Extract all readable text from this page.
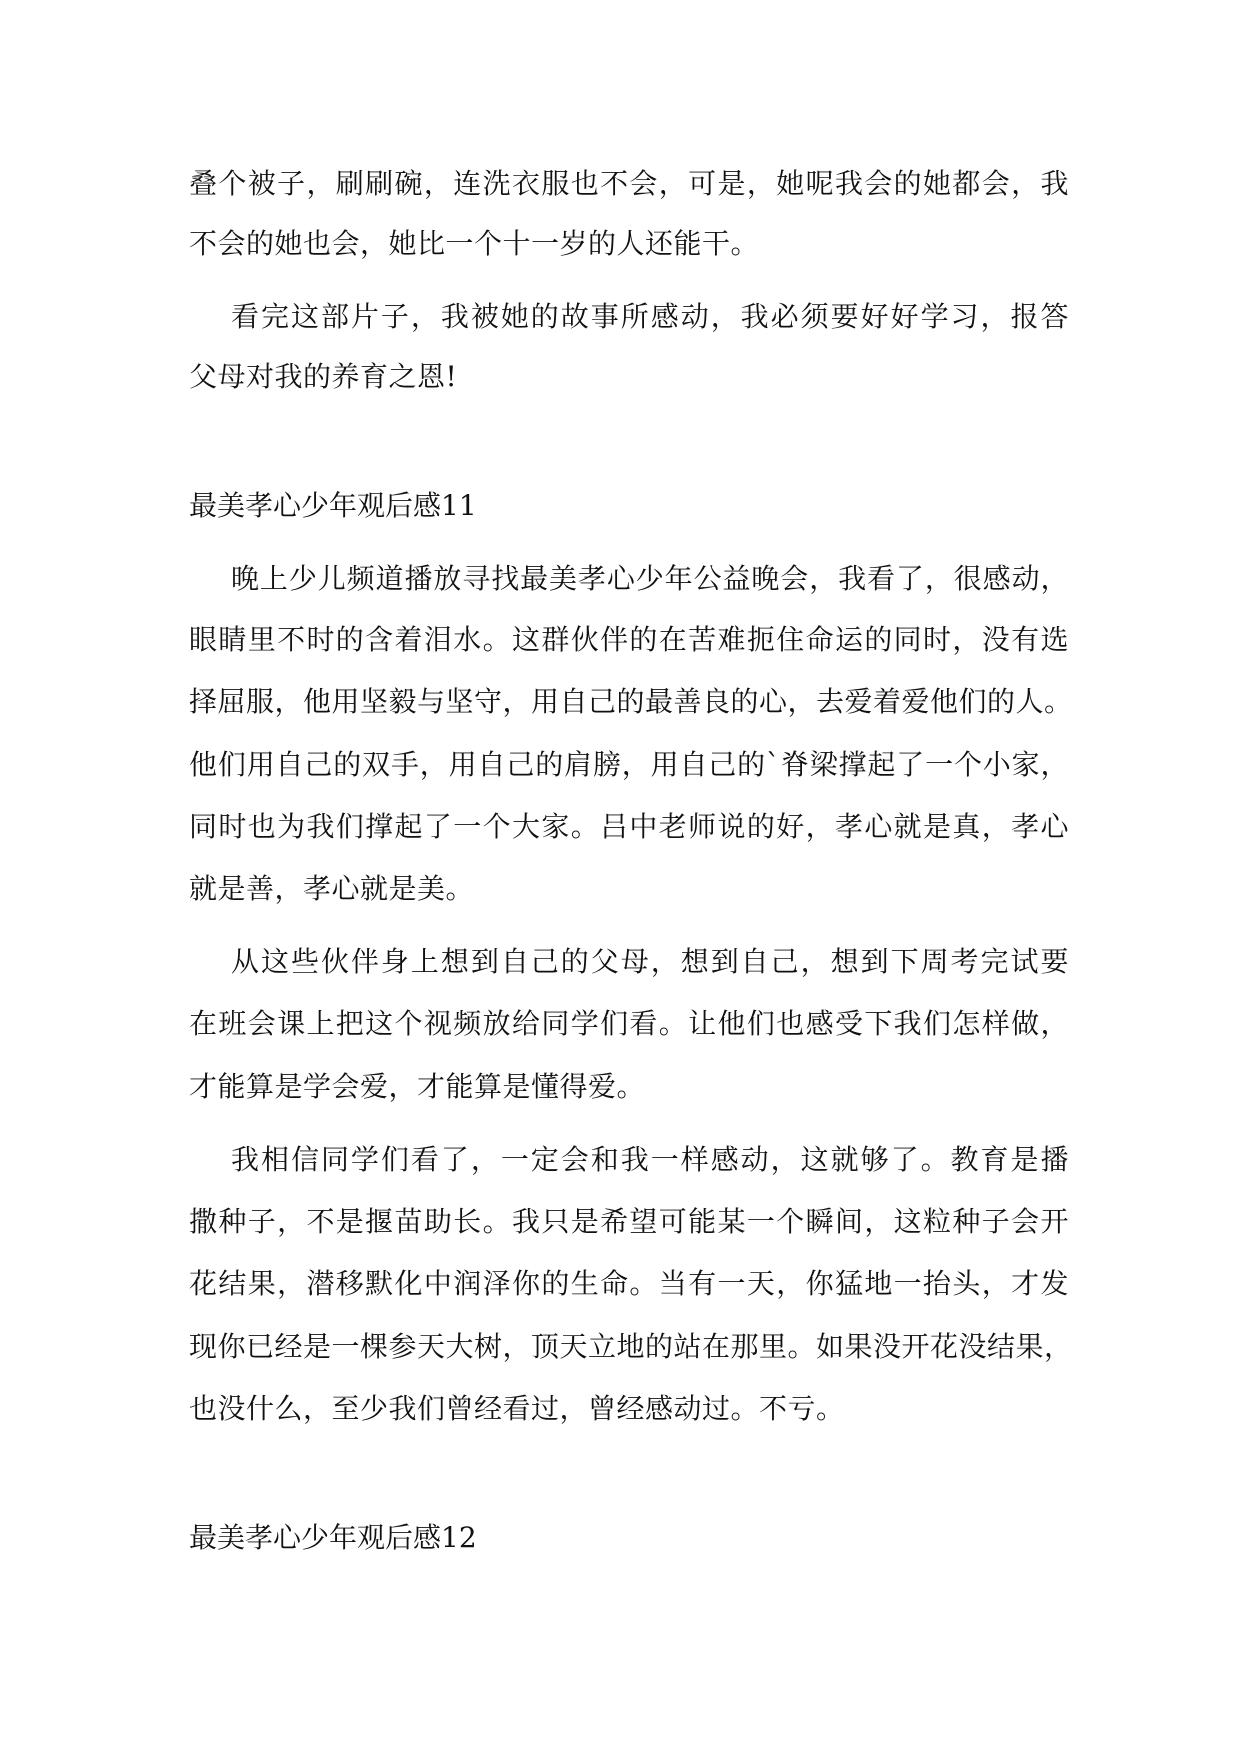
叠个被子，刷刷碗，连洗衣服也不会，可是，她呢我会的她都会，我
不会的她也会，她比一个十一岁的人还能干。
看完这部片子，我被她的故事所感动，我必须要好好学习，报答
父母对我的养育之恩!
最美孝心少年观后感11
晚上少儿频道播放寻找最美孝心少年公益晚会，我看了，很感动，
眼睛里不时的含着泪水。这群伙伴的在苦难扼住命运的同时，没有选
择屈服，他用坚毅与坚守，用自己的最善良的心，去爱着爱他们的人。
他们用自己的双手，用自己的肩膀，用自己的`脊梁撑起了一个小家，
同时也为我们撑起了一个大家。吕中老师说的好，孝心就是真，孝心
就是善，孝心就是美。
从这些伙伴身上想到自己的父母，想到自己，想到下周考完试要
在班会课上把这个视频放给同学们看。让他们也感受下我们怎样做，
才能算是学会爱，才能算是懂得爱。
我相信同学们看了，一定会和我一样感动，这就够了。教育是播
撒种子，不是揠苗助长。我只是希望可能某一个瞬间，这粒种子会开
花结果，潜移默化中润泽你的生命。当有一天，你猛地一抬头，才发
现你已经是一棵参天大树，顶天立地的站在那里。如果没开花没结果，
也没什么，至少我们曾经看过，曾经感动过。不亏。
最美孝心少年观后感12
